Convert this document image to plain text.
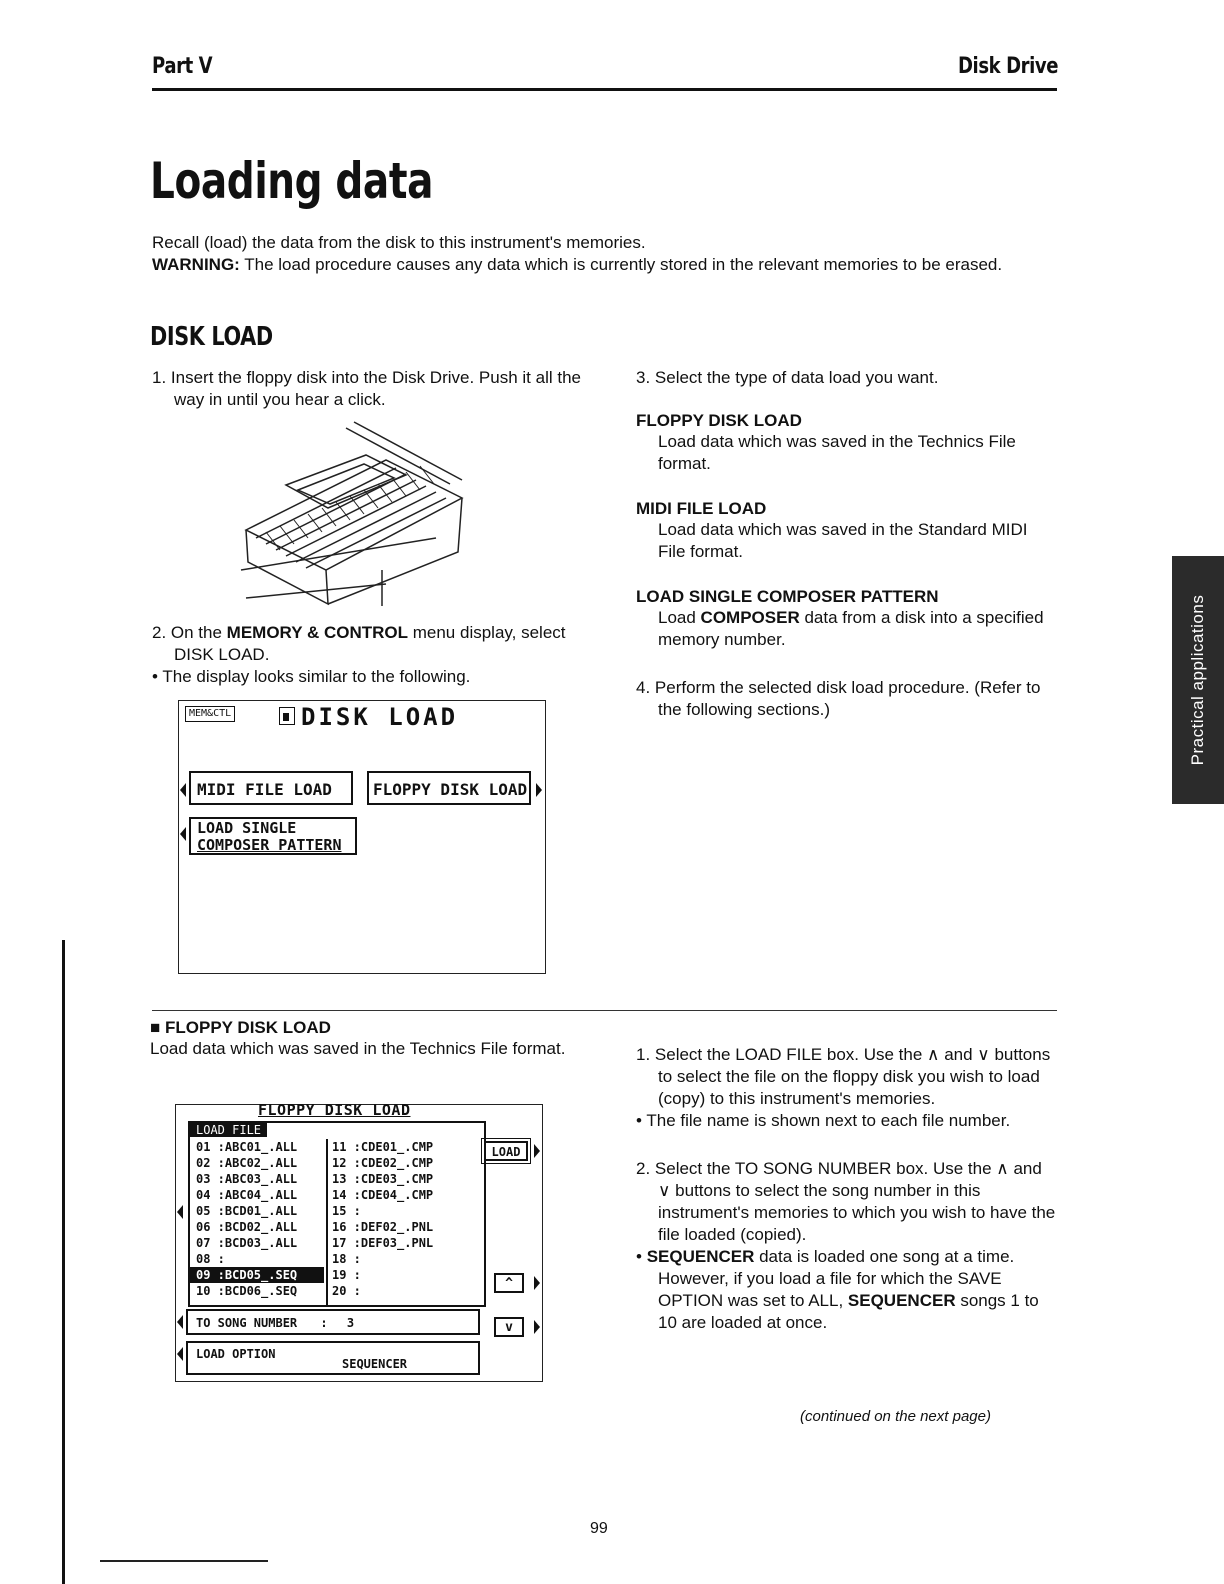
Part V	Disk Drive
Loading data
Recall (load) the data from the disk to this instrument's memories.
WARNING: The load procedure causes any data which is currently stored in the relevant memories to be erased.
DISK LOAD
1. Insert the floppy disk into the Disk Drive. Push it all the way in until you hear a click.
2. On the MEMORY & CONTROL menu display, select DISK LOAD.
• The display looks similar to the following.
MEM&CTL	DISK LOAD
MIDI FILE LOAD	FLOPPY DISK LOAD
LOAD SINGLE
COMPOSER PATTERN
3. Select the type of data load you want.
FLOPPY DISK LOAD
Load data which was saved in the Technics File format.
MIDI FILE LOAD
Load data which was saved in the Standard MIDI File format.
LOAD SINGLE COMPOSER PATTERN
Load COMPOSER data from a disk into a specified memory number.
4. Perform the selected disk load procedure. (Refer to the following sections.)	Practical applications
■ FLOPPY DISK LOAD
Load data which was saved in the Technics File format.
FLOPPY DISK LOAD
LOAD FILE
01 :ABC01_.ALL
02 :ABC02_.ALL
03 :ABC03_.ALL
04 :ABC04_.ALL
05 :BCD01_.ALL
06 :BCD02_.ALL
07 :BCD03_.ALL
08 :
09 :BCD05_.SEQ
10 :BCD06_.SEQ
11 :CDE01_.CMP
12 :CDE02_.CMP
13 :CDE03_.CMP
14 :CDE04_.CMP
15 :
16 :DEF02_.PNL
17 :DEF03_.PNL
18 :
19 :
20 :
LOAD
^
v
TO SONG NUMBER : 3
LOAD OPTION
SEQUENCER
1. Select the LOAD FILE box. Use the ∧ and ∨ buttons to select the file on the floppy disk you wish to load (copy) to this instrument's memories.
• The file name is shown next to each file number.
2. Select the TO SONG NUMBER box. Use the ∧ and ∨ buttons to select the song number in this instrument's memories to which you wish to have the file loaded (copied).
• SEQUENCER data is loaded one song at a time. However, if you load a file for which the SAVE OPTION was set to ALL, SEQUENCER songs 1 to 10 are loaded at once.
(continued on the next page)
99
